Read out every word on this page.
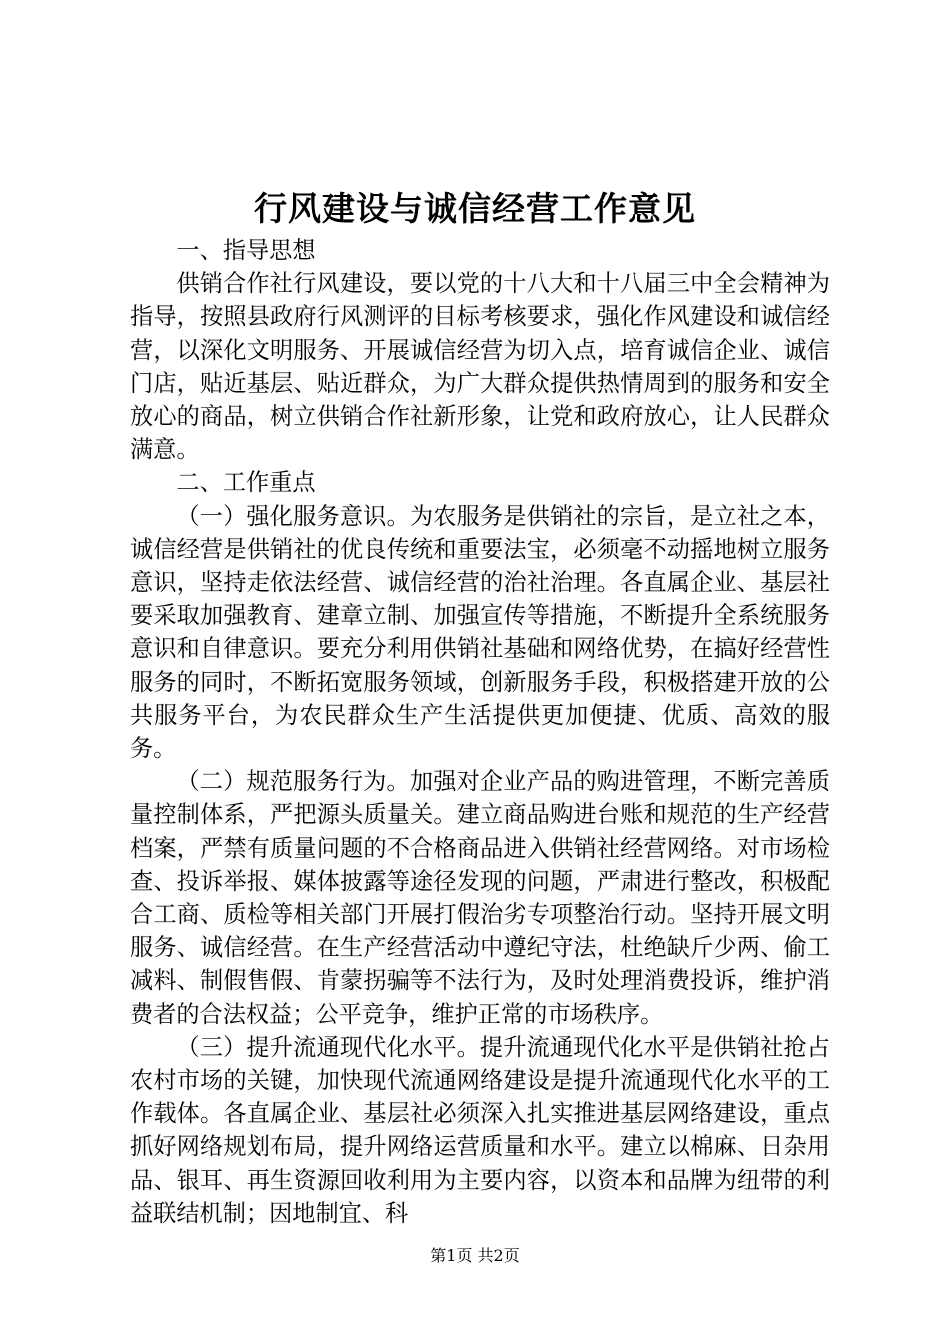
行风建设与诚信经营工作意见

一、指导思想

供销合作社行风建设，要以党的十八大和十八届三中全会精神为指导，按照县政府行风测评的目标考核要求，强化作风建设和诚信经营，以深化文明服务、开展诚信经营为切入点，培育诚信企业、诚信门店，贴近基层、贴近群众，为广大群众提供热情周到的服务和安全放心的商品，树立供销合作社新形象，让党和政府放心，让人民群众满意。

二、工作重点

（一）强化服务意识。为农服务是供销社的宗旨，是立社之本，诚信经营是供销社的优良传统和重要法宝，必须毫不动摇地树立服务意识，坚持走依法经营、诚信经营的治社治理。各直属企业、基层社要采取加强教育、建章立制、加强宣传等措施，不断提升全系统服务意识和自律意识。要充分利用供销社基础和网络优势，在搞好经营性服务的同时，不断拓宽服务领域，创新服务手段，积极搭建开放的公共服务平台，为农民群众生产生活提供更加便捷、优质、高效的服务。

（二）规范服务行为。加强对企业产品的购进管理，不断完善质量控制体系，严把源头质量关。建立商品购进台账和规范的生产经营档案，严禁有质量问题的不合格商品进入供销社经营网络。对市场检查、投诉举报、媒体披露等途径发现的问题，严肃进行整改，积极配合工商、质检等相关部门开展打假治劣专项整治行动。坚持开展文明服务、诚信经营。在生产经营活动中遵纪守法，杜绝缺斤少两、偷工减料、制假售假、肯蒙拐骗等不法行为，及时处理消费投诉，维护消费者的合法权益；公平竞争，维护正常的市场秩序。

（三）提升流通现代化水平。提升流通现代化水平是供销社抢占农村市场的关键，加快现代流通网络建设是提升流通现代化水平的工作载体。各直属企业、基层社必须深入扎实推进基层网络建设，重点抓好网络规划布局，提升网络运营质量和水平。建立以棉麻、日杂用品、银耳、再生资源回收利用为主要内容，以资本和品牌为纽带的利益联结机制；因地制宜、科

第1页 共2页
